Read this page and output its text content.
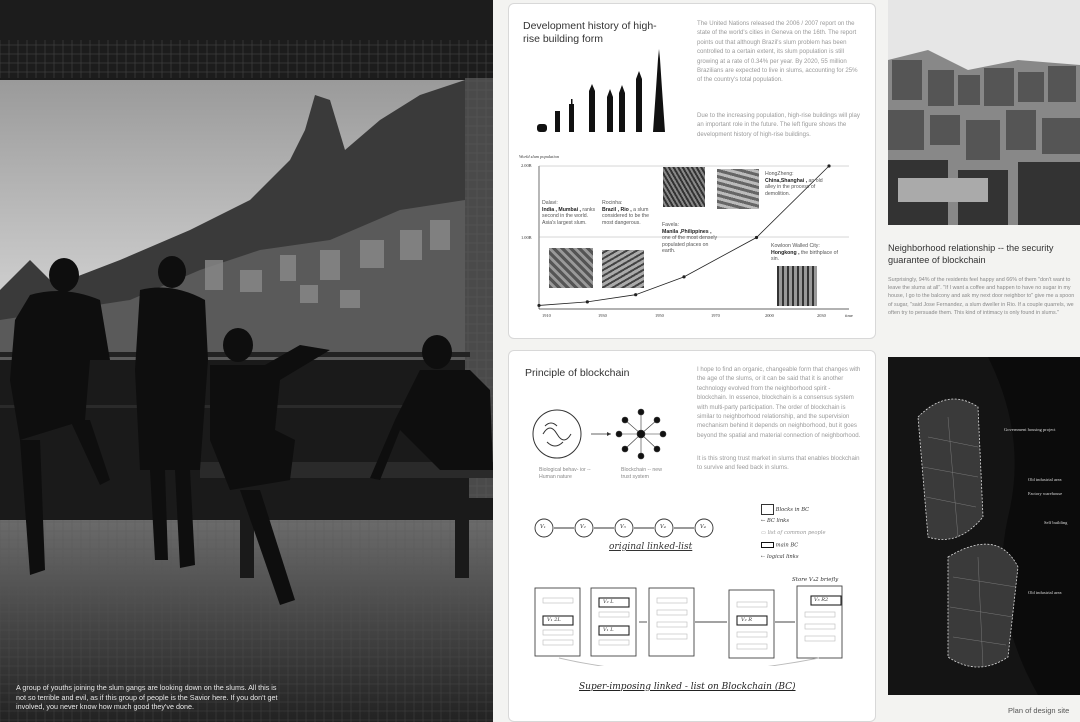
A group of youths joining the slum gangs are looking down on the slums. All this is not so terrible and evil, as if this group of people is the Savior here. If you don't get involved, you never know how much good they've done.
Development history of high-rise building form
The United Nations released the 2006 / 2007 report on the state of the world's cities in Geneva on the 16th. The report points out that although Brazil's slum problem has been controlled to a certain extent, its slum population is still growing at a rate of 0.34% per year. By 2020, 55 million Brazilians are expected to live in slums, accounting for 25% of the country's total population.
Due to the increasing population, high-rise buildings will play an important role in the future. The left figure shows the development history of high-rise buildings.
World slum population
2.00B
1.00B
1910	1930	1950	1970	2000	2030	time
Dalavi:
India , Mumbai , ranks second in the world. Asia's largest slum.
Rocinha:
Brazil , Rio , a slum considered to be the most dangerous.	Favela:
Manila ,Philippines , one of the most densely populated places on earth.
HongZheng:
China,Shanghai , an old alley in the process of demolition.
Kowloon Walled City:
Hongkong , the birthplace of sin.
Principle of blockchain	I hope to find an organic, changeable form that changes with the age of the slums, or it can be said that it is another technology evolved from the neighborhood spirit - blockchain. In essence, blockchain is a consensus system with multi-party participation. The order of blockchain is similar to neighborhood relationship, and the supervision mechanism behind it depends on neighborhood, but it goes beyond the spatial and material connection of neighborhood.
It is this strong trust market in slums that enables blockchain to survive and feed back in slums.
Biological behav- ior -- Human nature
Blockchain -- new trust system
V₁	V₂	V₃	V₄	V₄
original linked-list
Blocks in BC
← BC links
▭ list of common people
main BC
⇠ logical links
V₁ 2L
V₂ L
V₁ L
V₂ R
V₃ R2
Store V₄2 briefly
Super-imposing linked - list on Blockchain (BC)
Neighborhood relationship -- the security guarantee of blockchain
Surprisingly, 94% of the residents feel happy and 66% of them "don't want to leave the slums at all". "If I want a coffee and happen to have no sugar in my house, I go to the balcony and ask my next door neighbor to" give me a spoon of sugar, "said Jose Fernandez, a slum dweller in Rio. If a couple quarrels, we often try to persuade them. This kind of intimacy is only found in slums."
Government housing project
Old industrial area
Factory warehouse
Self building
Old industrial area
Plan of design site
